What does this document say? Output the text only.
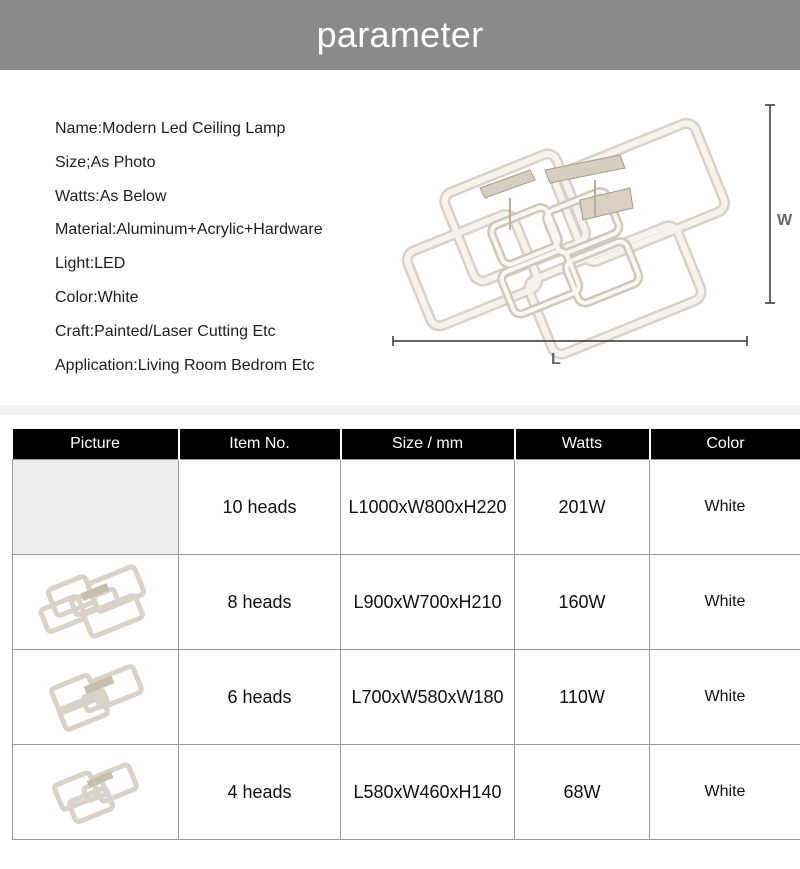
parameter
Name:Modern Led Ceiling Lamp
Size;As Photo
Watts:As Below
Material:Aluminum+Acrylic+Hardware
Light:LED
Color:White
Craft:Painted/Laser Cutting Etc
Application:Living Room Bedrom Etc
W
L
Picture	Item No.	Size / mm	Watts	Color
	10 heads	L1000xW800xH220	201W	White

	8 heads	L900xW700xH210	160W	White

	6 heads	L700xW580xW180	110W	White

	4 heads	L580xW460xH140	68W	White
